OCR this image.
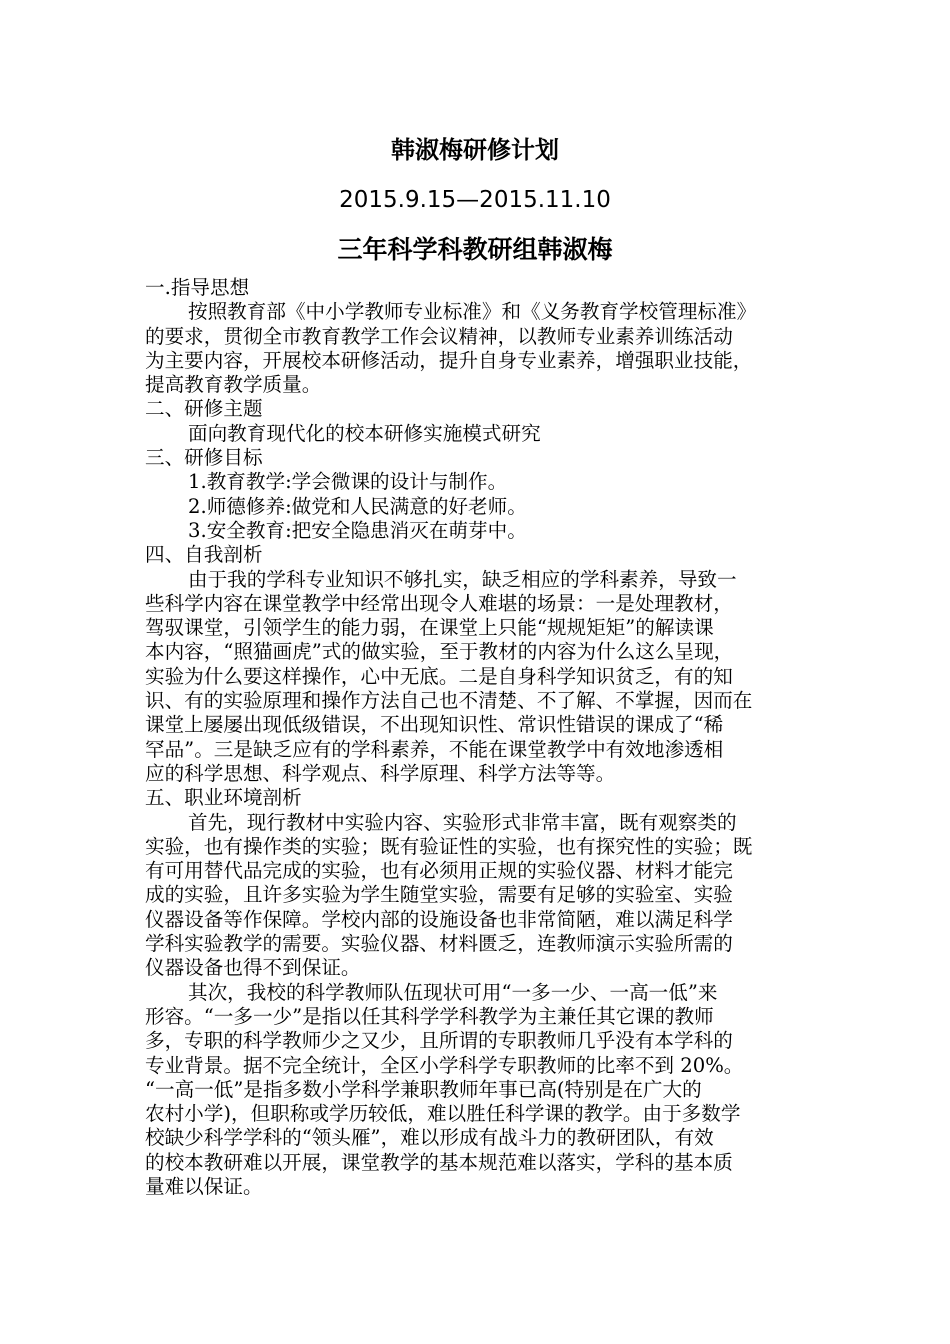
韩淑梅研修计划
2015.9.15—2015.11.10
三年科学科教研组韩淑梅
一.指导思想
按照教育部《中小学教师专业标准》和《义务教育学校管理标准》
的要求，贯彻全市教育教学工作会议精神，以教师专业素养训练活动
为主要内容，开展校本研修活动，提升自身专业素养，增强职业技能，
提高教育教学质量。
二、研修主题
面向教育现代化的校本研修实施模式研究
三、研修目标
1.教育教学:学会微课的设计与制作。
2.师德修养:做党和人民满意的好老师。
3.安全教育:把安全隐患消灭在萌芽中。
四、自我剖析
由于我的学科专业知识不够扎实，缺乏相应的学科素养，导致一
些科学内容在课堂教学中经常出现令人难堪的场景：一是处理教材，
驾驭课堂，引领学生的能力弱，在课堂上只能“规规矩矩”的解读课
本内容，“照猫画虎”式的做实验，至于教材的内容为什么这么呈现，
实验为什么要这样操作，心中无底。二是自身科学知识贫乏，有的知
识、有的实验原理和操作方法自己也不清楚、不了解、不掌握，因而在
课堂上屡屡出现低级错误，不出现知识性、常识性错误的课成了“稀
罕品”。三是缺乏应有的学科素养，不能在课堂教学中有效地渗透相
应的科学思想、科学观点、科学原理、科学方法等等。
五、职业环境剖析
首先，现行教材中实验内容、实验形式非常丰富，既有观察类的
实验，也有操作类的实验；既有验证性的实验，也有探究性的实验；既
有可用替代品完成的实验，也有必须用正规的实验仪器、材料才能完
成的实验，且许多实验为学生随堂实验，需要有足够的实验室、实验
仪器设备等作保障。学校内部的设施设备也非常简陋，难以满足科学
学科实验教学的需要。实验仪器、材料匮乏，连教师演示实验所需的
仪器设备也得不到保证。
其次，我校的科学教师队伍现状可用“一多一少、一高一低”来
形容。“一多一少”是指以任其科学学科教学为主兼任其它课的教师
多，专职的科学教师少之又少，且所谓的专职教师几乎没有本学科的
专业背景。据不完全统计，全区小学科学专职教师的比率不到 20%。
“一高一低”是指多数小学科学兼职教师年事已高(特别是在广大的
农村小学)，但职称或学历较低，难以胜任科学课的教学。由于多数学
校缺少科学学科的“领头雁”，难以形成有战斗力的教研团队，有效
的校本教研难以开展，课堂教学的基本规范难以落实，学科的基本质
量难以保证。
